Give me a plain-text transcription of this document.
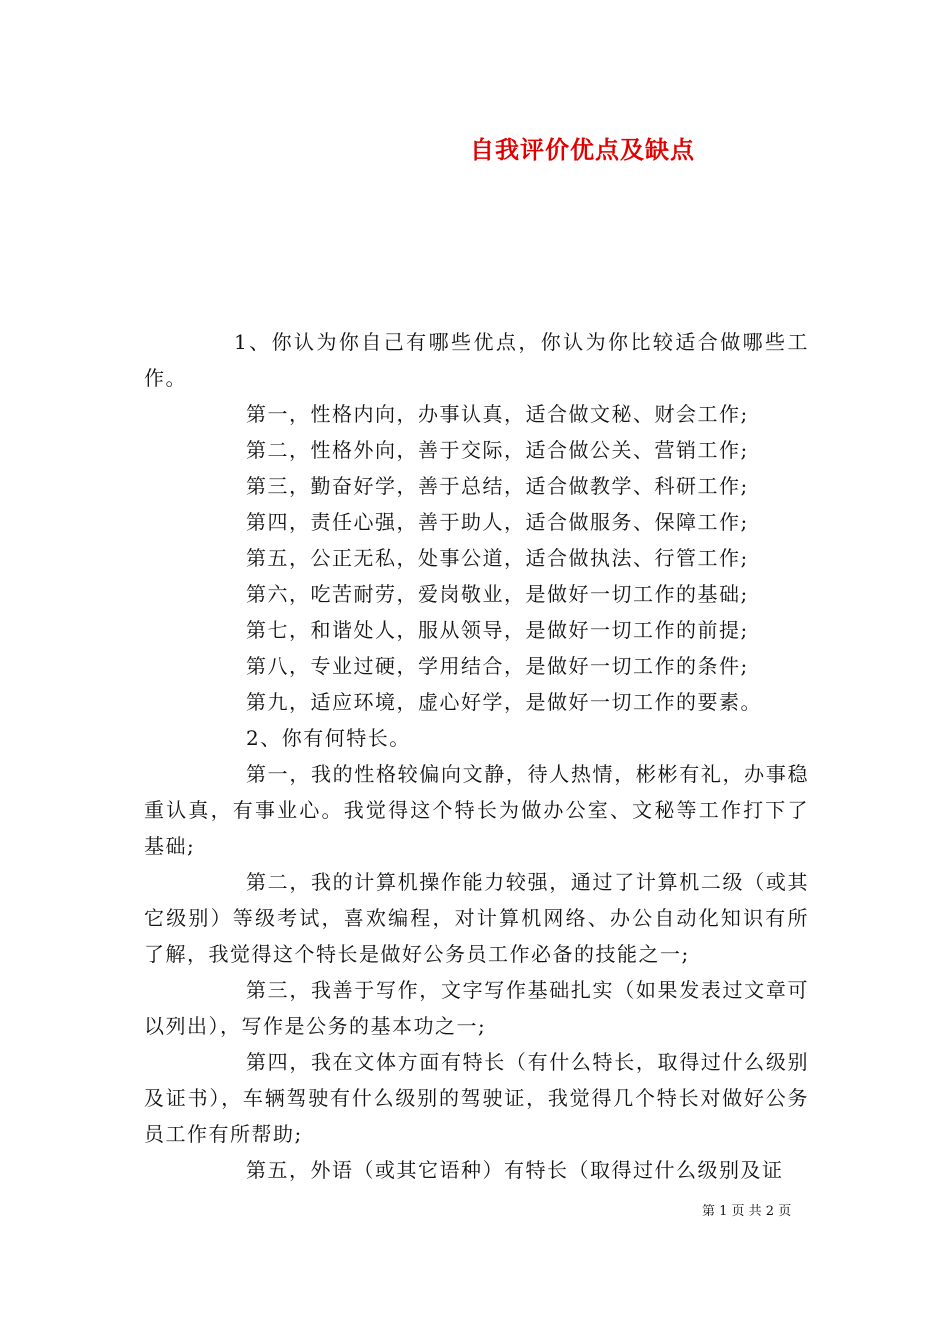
自我评价优点及缺点

1、你认为你自己有哪些优点，你认为你比较适合做哪些工作。

第一，性格内向，办事认真，适合做文秘、财会工作;

第二，性格外向，善于交际，适合做公关、营销工作;

第三，勤奋好学，善于总结，适合做教学、科研工作;

第四，责任心强，善于助人，适合做服务、保障工作;

第五，公正无私，处事公道，适合做执法、行管工作;

第六，吃苦耐劳，爱岗敬业，是做好一切工作的基础;

第七，和谐处人，服从领导，是做好一切工作的前提;

第八，专业过硬，学用结合，是做好一切工作的条件;

第九，适应环境，虚心好学，是做好一切工作的要素。

2、你有何特长。

第一，我的性格较偏向文静，待人热情，彬彬有礼，办事稳重认真，有事业心。我觉得这个特长为做办公室、文秘等工作打下了基础;

第二，我的计算机操作能力较强，通过了计算机二级（或其它级别）等级考试，喜欢编程，对计算机网络、办公自动化知识有所了解，我觉得这个特长是做好公务员工作必备的技能之一;

第三，我善于写作，文字写作基础扎实（如果发表过文章可以列出），写作是公务的基本功之一;

第四，我在文体方面有特长（有什么特长，取得过什么级别及证书），车辆驾驶有什么级别的驾驶证，我觉得几个特长对做好公务员工作有所帮助;

第五，外语（或其它语种）有特长（取得过什么级别及证

第 1 页 共 2 页
